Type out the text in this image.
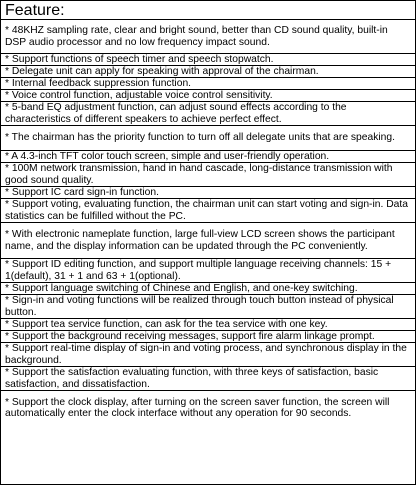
Feature:
* 48KHZ sampling rate, clear and bright sound, better than CD sound quality, built-in DSP audio processor and no low frequency impact sound.
* Support functions of speech timer and speech stopwatch.
* Delegate unit can apply for speaking with approval of the chairman.
* Internal feedback suppression function.
* Voice control function, adjustable voice control sensitivity.
* 5-band EQ adjustment function, can adjust sound effects according to the characteristics of different speakers to achieve perfect effect.
* The chairman has the priority function to turn off all delegate units that are speaking.
* A 4.3-inch TFT color touch screen, simple and user-friendly operation.
* 100M network transmission, hand in hand cascade, long-distance transmission with good sound quality.
* Support IC card sign-in function.
* Support voting, evaluating function, the chairman unit can start voting and sign-in. Data statistics can be fulfilled without the PC.
* With electronic nameplate function, large full-view LCD screen shows the participant name, and the display information can be updated through the PC conveniently.
* Support ID editing function, and support multiple language receiving channels: 15 + 1(default), 31 + 1 and 63 + 1(optional).
* Support language switching of Chinese and English, and one-key switching.
* Sign-in and voting functions will be realized through touch button instead of physical button.
* Support tea service function, can ask for the tea service with one key.
* Support the background receiving messages, support fire alarm linkage prompt.
* Support real-time display of sign-in and voting process, and synchronous display in the background.
* Support the satisfaction evaluating function, with three keys of satisfaction, basic satisfaction, and dissatisfaction.
* Support the clock display, after turning on the screen saver function, the screen will automatically enter the clock interface without any operation for 90 seconds.
